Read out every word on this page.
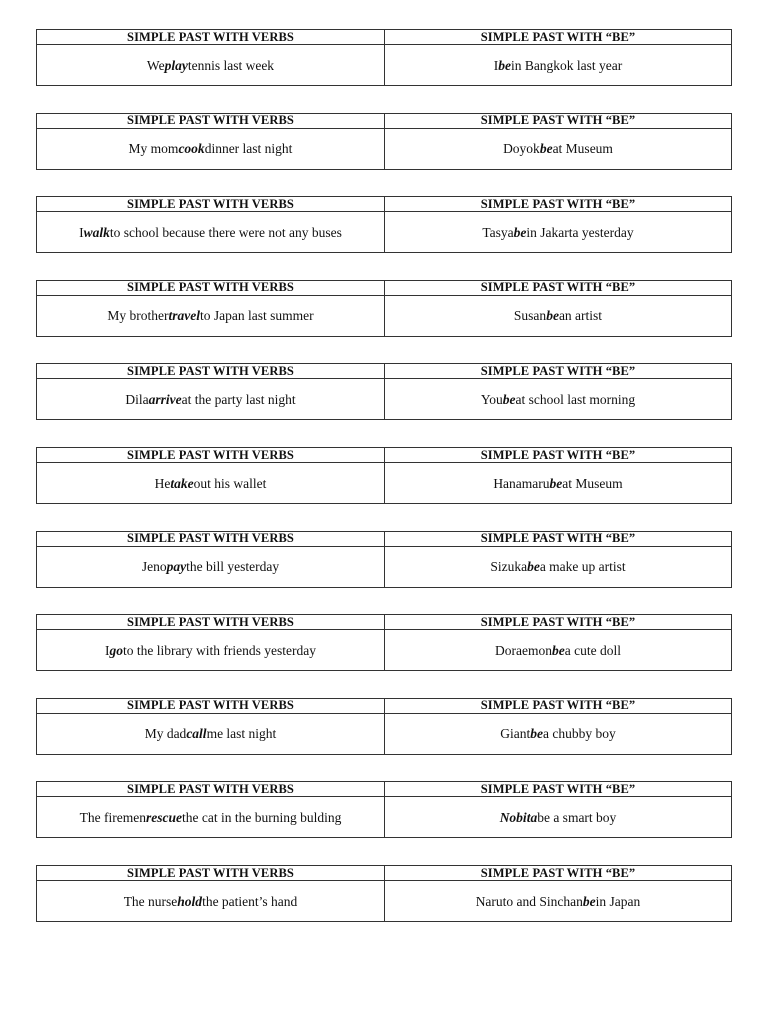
SIMPLE PAST WITH VERBS	SIMPLE PAST WITH “BE”
We play tennis last week	I be in Bangkok last year
SIMPLE PAST WITH VERBS	SIMPLE PAST WITH “BE”
My mom cook dinner last night	Doyok be at Museum
SIMPLE PAST WITH VERBS	SIMPLE PAST WITH “BE”
I walk to school because there were not any buses	Tasya be in Jakarta yesterday
SIMPLE PAST WITH VERBS	SIMPLE PAST WITH “BE”
My brother travel to Japan last summer	Susan be an artist
SIMPLE PAST WITH VERBS	SIMPLE PAST WITH “BE”
Dila arrive at the party last night	You be at school last morning
SIMPLE PAST WITH VERBS	SIMPLE PAST WITH “BE”
He take out his wallet	Hanamaru be at Museum
SIMPLE PAST WITH VERBS	SIMPLE PAST WITH “BE”
Jeno pay the bill yesterday	Sizuka be a make up artist
SIMPLE PAST WITH VERBS	SIMPLE PAST WITH “BE”
I go to the library with friends yesterday	Doraemon be a cute doll
SIMPLE PAST WITH VERBS	SIMPLE PAST WITH “BE”
My dad call me last night	Giant be a chubby boy
SIMPLE PAST WITH VERBS	SIMPLE PAST WITH “BE”
The firemen rescue the cat in the burning bulding	Nobita be a smart boy
SIMPLE PAST WITH VERBS	SIMPLE PAST WITH “BE”
The nurse hold the patient’s hand	Naruto and Sinchan be in Japan
